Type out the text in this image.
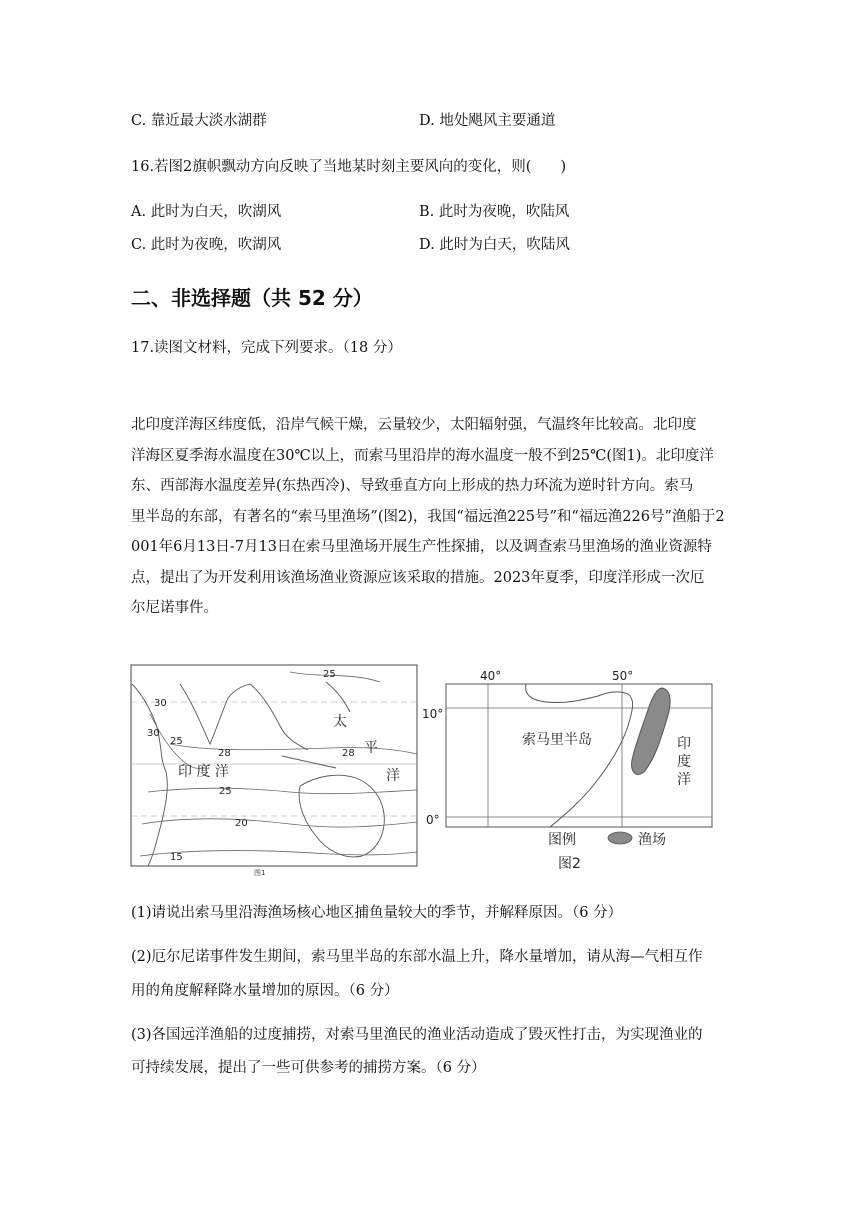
C. 靠近最大淡水湖群	D. 地处飓风主要通道
16.若图2旗帜飘动方向反映了当地某时刻主要风向的变化，则(　　)
A. 此时为白天，吹湖风	B. 此时为夜晚，吹陆风
C. 此时为夜晚，吹湖风	D. 此时为白天，吹陆风
二、非选择题（共 52 分）
17.读图文材料，完成下列要求。（18 分）
北印度洋海区纬度低，沿岸气候干燥，云量较少，太阳辐射强，气温终年比较高。北印度
洋海区夏季海水温度在30℃以上，而索马里沿岸的海水温度一般不到25℃(图1)。北印度洋
东、西部海水温度差异(东热西冷)、导致垂直方向上形成的热力环流为逆时针方向。索马
里半岛的东部，有著名的“索马里渔场”(图2)，我国“福远渔225号”和“福远渔226号”渔船于2
001年6月13日-7月13日在索马里渔场开展生产性探捕，以及调查索马里渔场的渔业资源特
点，提出了为开发利用该渔场渔业资源应该采取的措施。2023年夏季，印度洋形成一次厄
尔尼诺事件。
25
30
30
25
28	28
25
20
15
印 度 洋
太
平
洋
图1
40°	50°
10°
0°
索马里半岛	印
度
洋
图例	渔场
图2
(1)请说出索马里沿海渔场核心地区捕鱼量较大的季节，并解释原因。（6 分）
(2)厄尔尼诺事件发生期间，索马里半岛的东部水温上升，降水量增加，请从海—气相互作
用的角度解释降水量增加的原因。（6 分）
(3)各国远洋渔船的过度捕捞，对索马里渔民的渔业活动造成了毁灭性打击，为实现渔业的
可持续发展，提出了一些可供参考的捕捞方案。（6 分）
